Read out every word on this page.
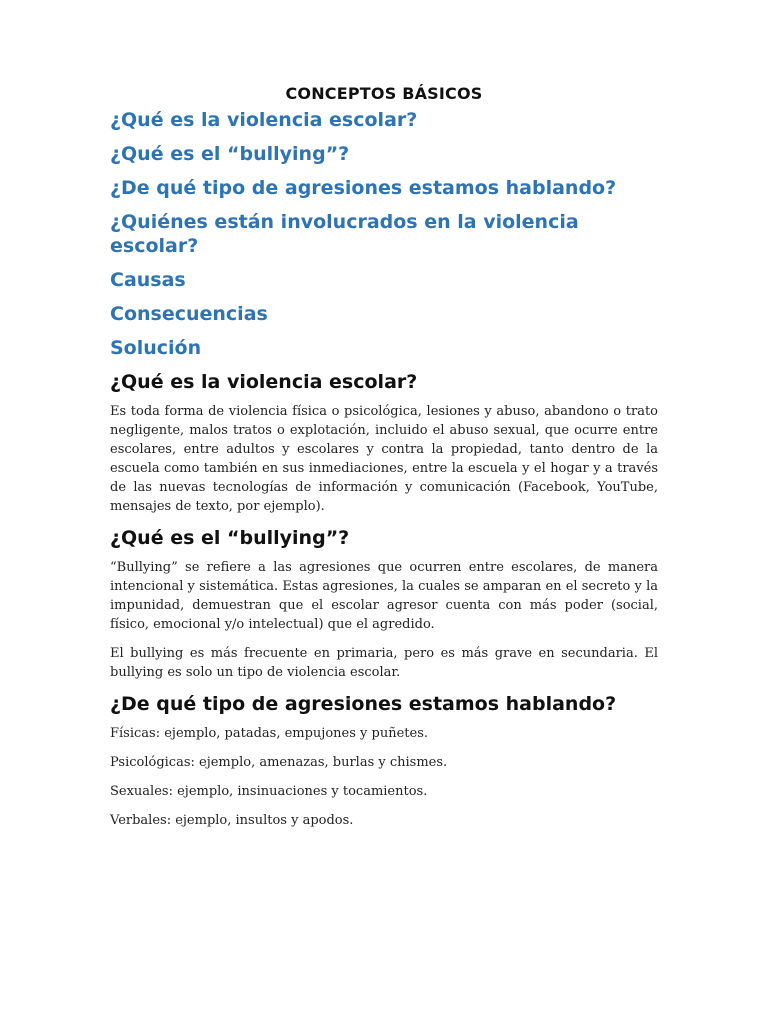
CONCEPTOS BÁSICOS
¿Qué es la violencia escolar?
¿Qué es el “bullying”?
¿De qué tipo de agresiones estamos hablando?
¿Quiénes están involucrados en la violencia escolar?
Causas
Consecuencias
Solución
¿Qué es la violencia escolar?

Es toda forma de violencia física o psicológica, lesiones y abuso, abandono o trato negligente, malos tratos o explotación, incluido el abuso sexual, que ocurre entre escolares, entre adultos y escolares y contra la propiedad, tanto dentro de la escuela como también en sus inmediaciones, entre la escuela y el hogar y a través de las nuevas tecnologías de información y comunicación (Facebook, YouTube, mensajes de texto, por ejemplo).

¿Qué es el “bullying”?

“Bullying” se refiere a las agresiones que ocurren entre escolares, de manera intencional y sistemática. Estas agresiones, la cuales se amparan en el secreto y la impunidad, demuestran que el escolar agresor cuenta con más poder (social, físico, emocional y/o intelectual) que el agredido.

El bullying es más frecuente en primaria, pero es más grave en secundaria. El bullying es solo un tipo de violencia escolar.

¿De qué tipo de agresiones estamos hablando?

Físicas: ejemplo, patadas, empujones y puñetes.

Psicológicas: ejemplo, amenazas, burlas y chismes.

Sexuales: ejemplo, insinuaciones y tocamientos.

Verbales: ejemplo, insultos y apodos.
